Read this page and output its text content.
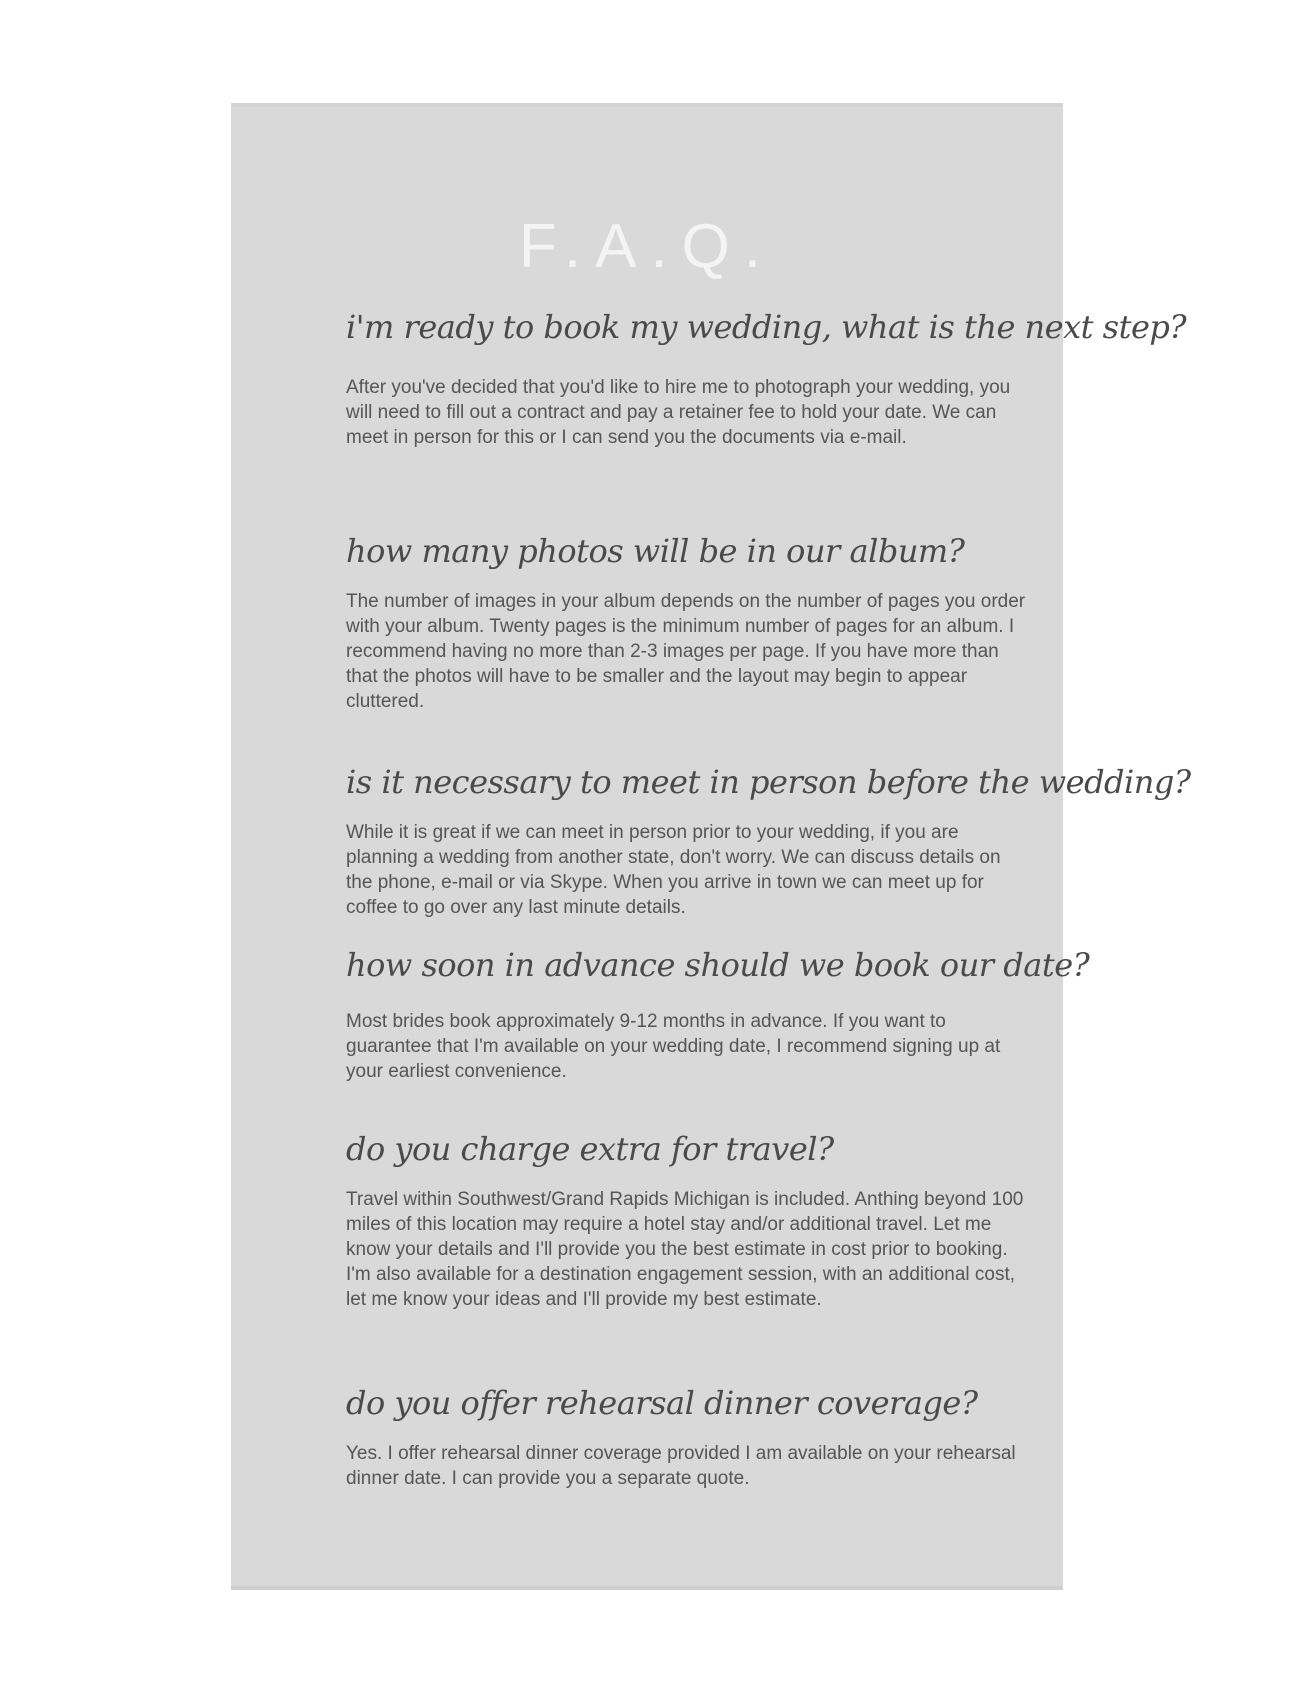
F.A.Q.

i'm ready to book my wedding, what is the next step?

After you've decided that you'd like to hire me to photograph your wedding, you will need to fill out a contract and pay a retainer fee to hold your date. We can meet in person for this or I can send you the documents via e-mail.

how many photos will be in our album?

The number of images in your album depends on the number of pages you order with your album. Twenty pages is the minimum number of pages for an album. I recommend having no more than 2-3 images per page. If you have more than that the photos will have to be smaller and the layout may begin to appear cluttered.

is it necessary to meet in person before the wedding?

While it is great if we can meet in person prior to your wedding, if you are planning a wedding from another state, don't worry. We can discuss details on the phone, e-mail or via Skype. When you arrive in town we can meet up for coffee to go over any last minute details.

how soon in advance should we book our date?

Most brides book approximately 9-12 months in advance. If you want to guarantee that I'm available on your wedding date, I recommend signing up at your earliest convenience.

do you charge extra for travel?

Travel within Southwest/Grand Rapids Michigan is included. Anthing beyond 100 miles of this location may require a hotel stay and/or additional travel. Let me know your details and I'll provide you the best estimate in cost prior to booking. I'm also available for a destination engagement session, with an additional cost, let me know your ideas and I'll provide my best estimate.

do you offer rehearsal dinner coverage?

Yes. I offer rehearsal dinner coverage provided I am available on your rehearsal dinner date. I can provide you a separate quote.
